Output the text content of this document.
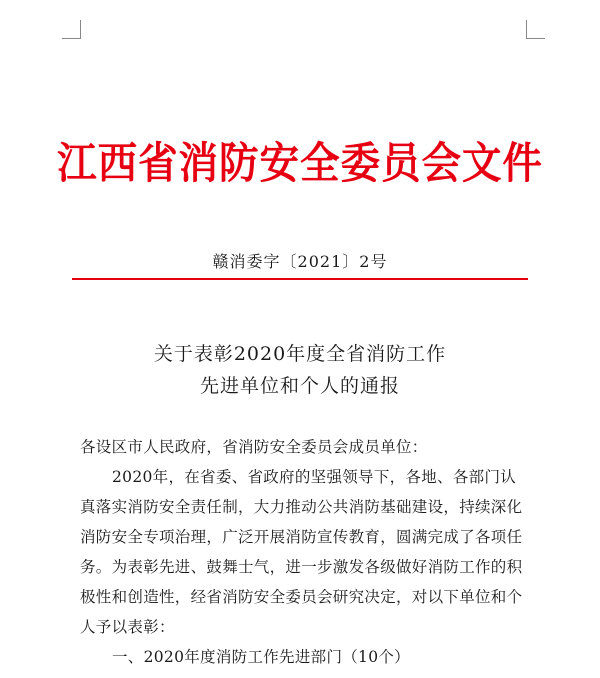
江西省消防安全委员会文件
赣消委字〔2021〕2号
关于表彰2020年度全省消防工作
先进单位和个人的通报
各设区市人民政府，省消防安全委员会成员单位：
2020年，在省委、省政府的坚强领导下，各地、各部门认
真落实消防安全责任制，大力推动公共消防基础建设，持续深化
消防安全专项治理，广泛开展消防宣传教育，圆满完成了各项任
务。为表彰先进、鼓舞士气，进一步激发各级做好消防工作的积
极性和创造性，经省消防安全委员会研究决定，对以下单位和个
人予以表彰：
一、2020年度消防工作先进部门（10个）
